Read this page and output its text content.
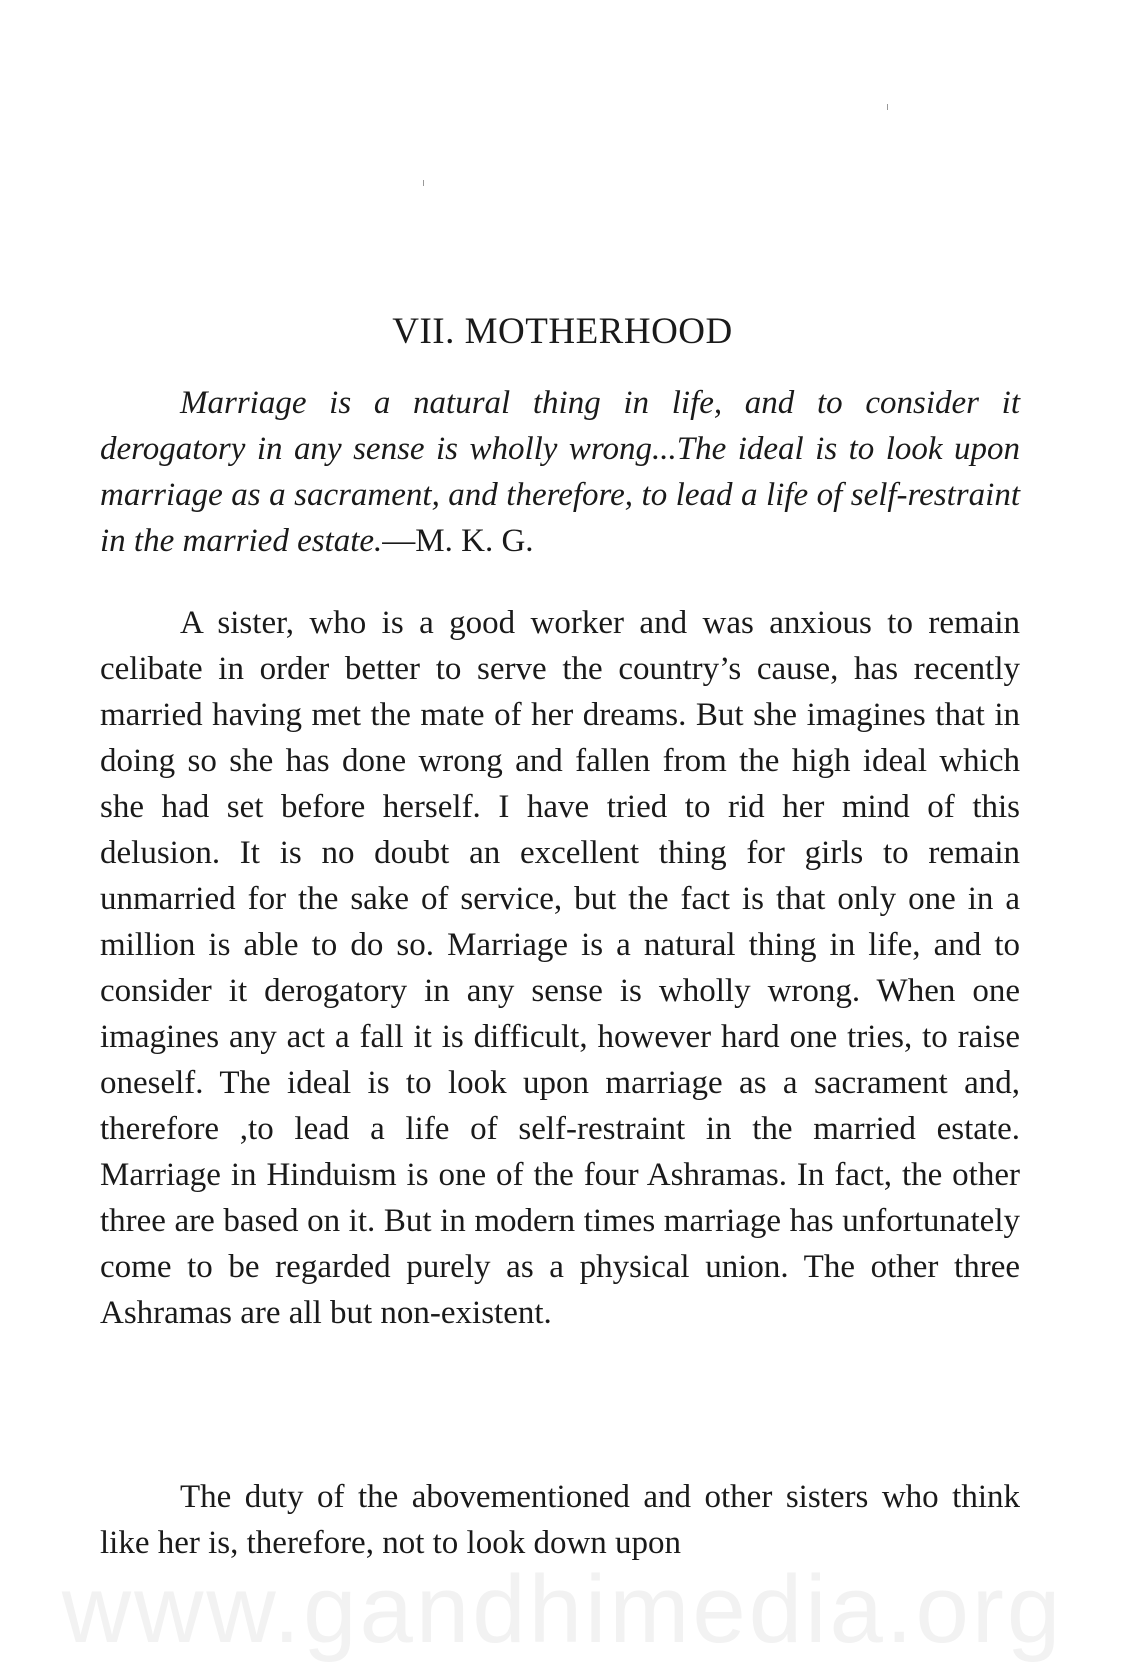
VII. MOTHERHOOD

Marriage is a natural thing in life, and to consider it derogatory in any sense is wholly wrong...The ideal is to look upon marriage as a sacrament, and therefore, to lead a life of self-restraint in the married estate.—M. K. G.

www.gandhimedia.org

A sister, who is a good worker and was anxious to remain celibate in order better to serve the country’s cause, has recently married having met the mate of her dreams. But she imagines that in doing so she has done wrong and fallen from the high ideal which she had set before herself. I have tried to rid her mind of this delusion. It is no doubt an excellent thing for girls to remain unmarried for the sake of service, but the fact is that only one in a million is able to do so. Marriage is a natural thing in life, and to consider it derogatory in any sense is wholly wrong. When one imagines any act a fall it is difficult, however hard one tries, to raise oneself. The ideal is to look upon marriage as a sacrament and, therefore ,to lead a life of self-restraint in the married estate. Marriage in Hinduism is one of the four Ashramas. In fact, the other three are based on it. But in modern times marriage has unfortunately come to be regarded purely as a physical union. The other three Ashramas are all but non-existent.

The duty of the abovementioned and other sisters who think like her is, therefore, not to look down upon
